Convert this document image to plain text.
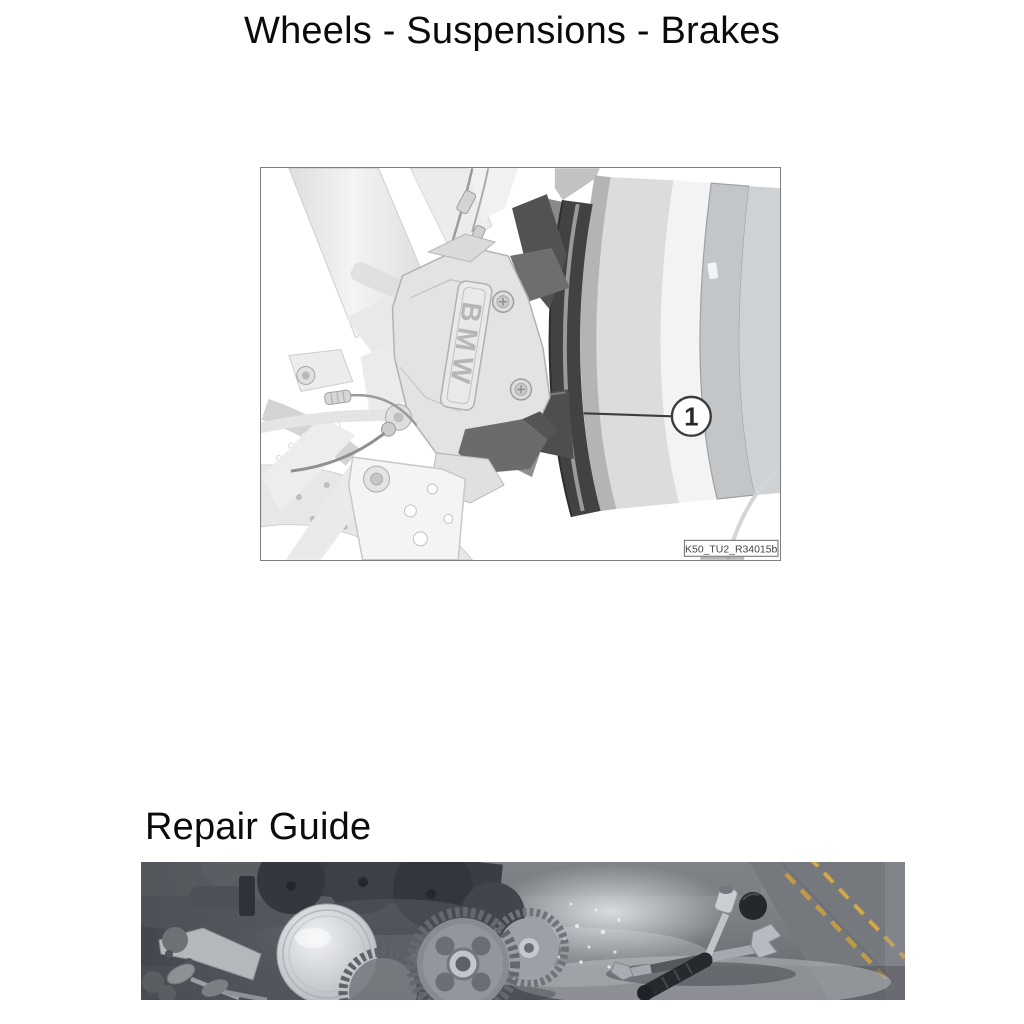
Wheels - Suspensions - Brakes
BMW
1
K50_TU2_R34015b
Repair Guide
